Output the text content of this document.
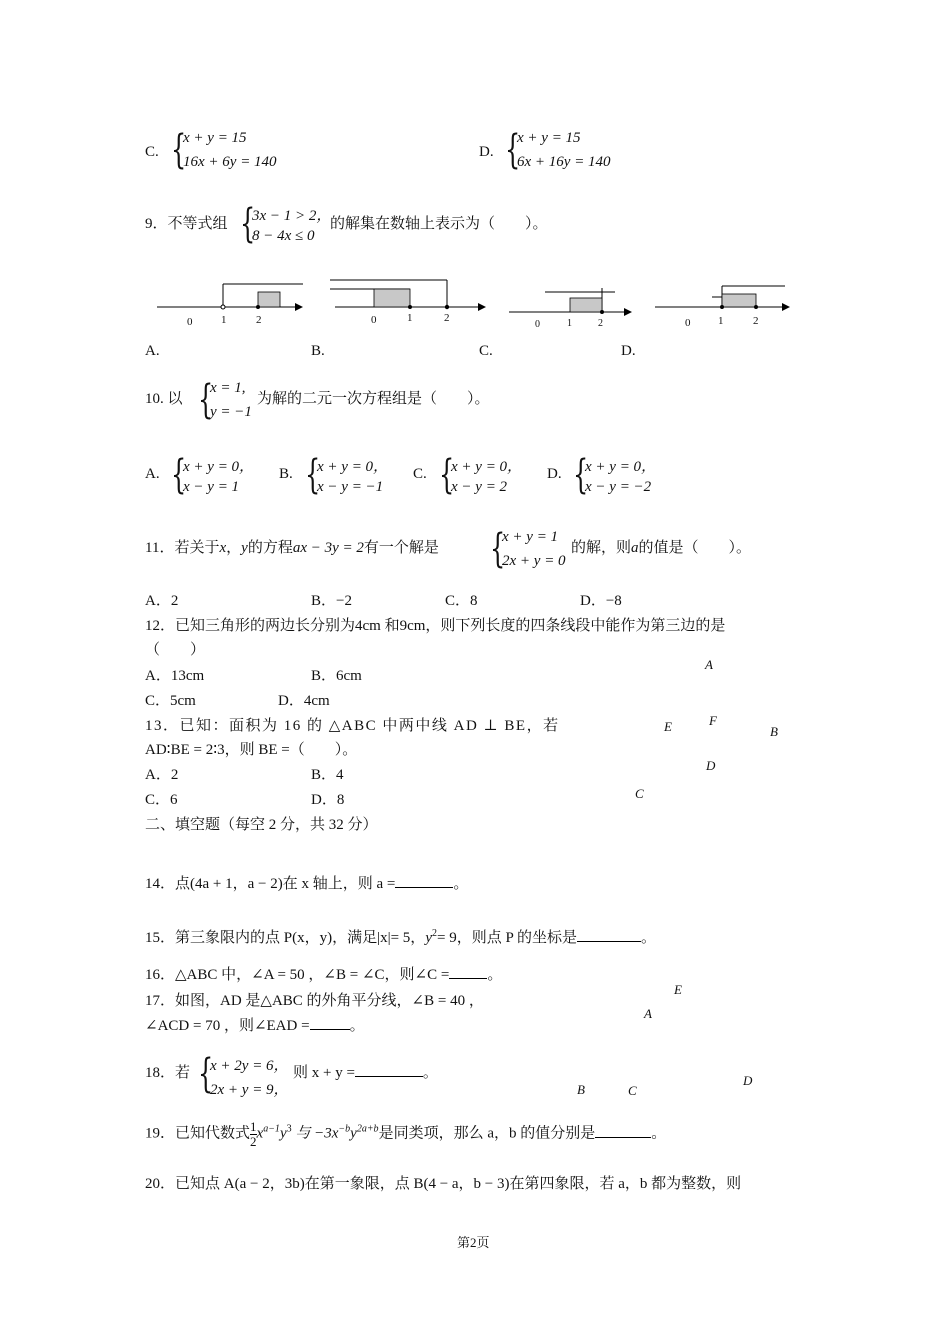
C. {
x + y = 15
16x + 6y = 140
D. {
x + y = 15
6x + 16y = 140
9．不等式组 {
3x − 1 > 2，
8 − 4x ≤ 0
的解集在数轴上表示为（　　）。
0	1	2	0	1	2
0	1	2	0	1	2
A.	B.	C.	D.
10. 以 {
x = 1,
y = −1
为解的二元一次方程组是（　　）。
A. {
x + y = 0，
x − y = 1
B. {
x + y = 0，
x − y = −1
C. {
x + y = 0，
x − y = 2
D. {
x + y = 0，
x − y = −2
11．若关于x，y的方程ax − 3y = 2有一个解是 {
x + y = 1
2x + y = 0
的解，则a的值是（　　）。
A．2	B．−2	C．8	D．−8
12．已知三角形的两边长分别为4cm 和9cm，则下列长度的四条线段中能作为第三边的是
（　　）
A．13cm	B．6cm
C．5cm	D．4cm
13．已知：面积为 16 的 △ABC 中两中线 AD ⊥ BE，若
AD∶BE = 2∶3，则 BE =（　　）。
A．2	B．4
C．6	D．8
A
E	F
B
D
C
二、填空题（每空 2 分，共 32 分）
14．点(4a + 1，a − 2)在 x 轴上，则 a =	。
15．第三象限内的点 P(x，y)，满足|x|= 5，$y^2= 9$，则点 P 的坐标是	。
16．△ABC 中，∠A = 50 ，∠B = ∠C，则∠C =	。
17．如图，AD 是△ABC 的外角平分线，∠B = 40 ，
∠ACD = 70 ，则∠EAD =	。
E
A
B	C
D
18．若 {
x + 2y = 6，
2x + y = 9，
则 x + y =	。
19．已知代数式 $\frac{1}{2} x^{a-1}y^3$ 与 $-3x^{-b}y^{2a+b}$是同类项，那么 a，b 的值分别是	。
20．已知点 A(a − 2，3b)在第一象限，点 B(4 − a，b − 3)在第四象限，若 a，b 都为整数，则
第2页
